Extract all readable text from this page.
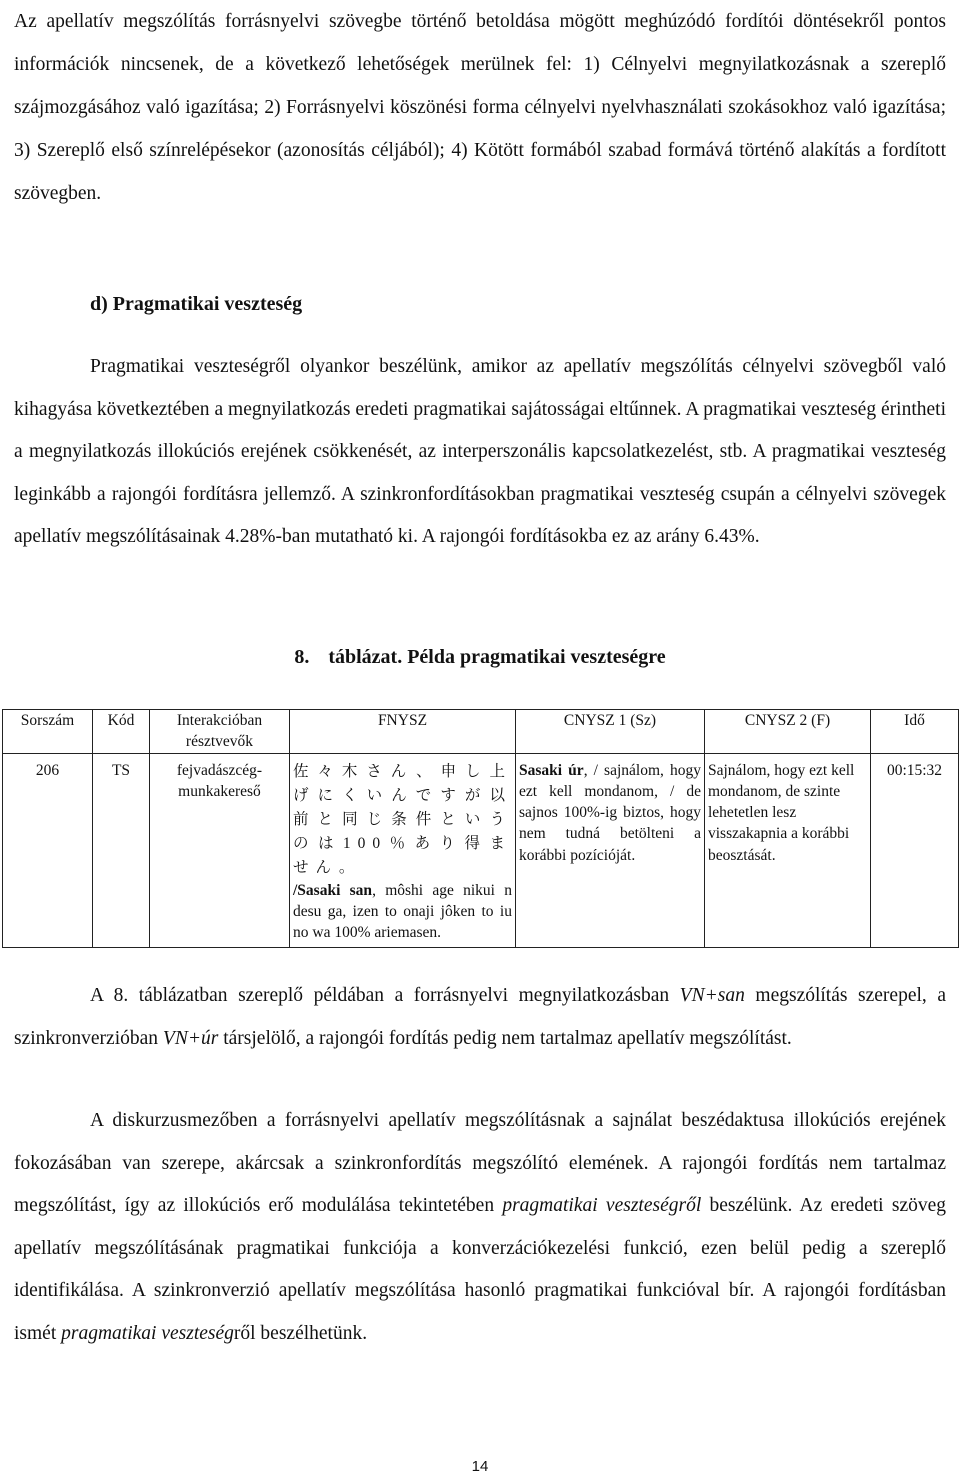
Az apellatív megszólítás forrásnyelvi szövegbe történő betoldása mögött meghúzódó fordítói döntésekről pontos információk nincsenek, de a következő lehetőségek merülnek fel: 1) Célnyelvi megnyilatkozásnak a szereplő szájmozgásához való igazítása; 2) Forrásnyelvi köszönési forma célnyelvi nyelvhasználati szokásokhoz való igazítása; 3) Szereplő első színrelépésekor (azonosítás céljából); 4) Kötött formából szabad formává történő alakítás a fordított szövegben.

d) Pragmatikai veszteség

Pragmatikai veszteségről olyankor beszélünk, amikor az apellatív megszólítás célnyelvi szövegből való kihagyása következtében a megnyilatkozás eredeti pragmatikai sajátosságai eltűnnek. A pragmatikai veszteség érintheti a megnyilatkozás illokúciós erejének csökkenését, az interperszonális kapcsolatkezelést, stb. A pragmatikai veszteség leginkább a rajongói fordításra jellemző. A szinkronfordításokban pragmatikai veszteség csupán a célnyelvi szövegek apellatív megszólításainak 4.28%-ban mutatható ki. A rajongói fordításokba ez az arány 6.43%.

8. táblázat. Példa pragmatikai veszteségre
Sorszám	Kód	Interakcióban résztvevők	FNYSZ	CNYSZ 1 (Sz)	CNYSZ 2 (F)	Idő
206	TS	fejvadászcég-munkakereső	佐々木さん、申し上げにくいんですが以前と同じ条件というのは100％あり得ません。
/Sasaki san, môshi age nikui n desu ga, izen to onaji jôken to iu no wa 100% ariemasen.	Sasaki úr, / sajnálom, hogy ezt kell mondanom, / de sajnos 100%-ig biztos, hogy nem tudná betölteni a korábbi pozícióját.	Sajnálom, hogy ezt kell mondanom, de szinte lehetetlen lesz visszakapnia a korábbi beosztását.	00:15:32

A 8. táblázatban szereplő példában a forrásnyelvi megnyilatkozásban VN+san megszólítás szerepel, a szinkronverzióban VN+úr társjelölő, a rajongói fordítás pedig nem tartalmaz apellatív megszólítást.

A diskurzusmezőben a forrásnyelvi apellatív megszólításnak a sajnálat beszédaktusa illokúciós erejének fokozásában van szerepe, akárcsak a szinkronfordítás megszólító elemének. A rajongói fordítás nem tartalmaz megszólítást, így az illokúciós erő modulálása tekintetében pragmatikai veszteségről beszélünk. Az eredeti szöveg apellatív megszólításának pragmatikai funkciója a konverzációkezelési funkció, ezen belül pedig a szereplő identifikálása. A szinkronverzió apellatív megszólítása hasonló pragmatikai funkcióval bír. A rajongói fordításban ismét pragmatikai veszteségről beszélhetünk.

14
